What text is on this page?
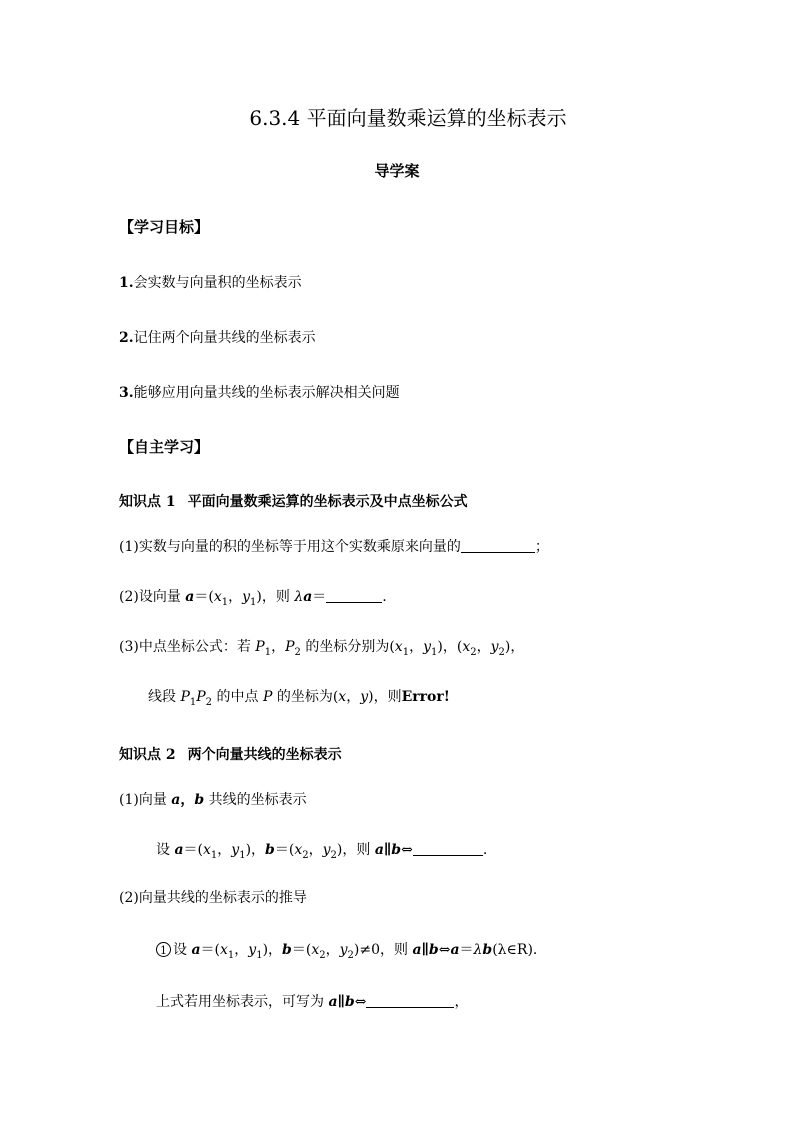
6.3.4 平面向量数乘运算的坐标表示
导学案
【学习目标】
1.会实数与向量积的坐标表示
2.记住两个向量共线的坐标表示
3.能够应用向量共线的坐标表示解决相关问题
【自主学习】
知识点 1 平面向量数乘运算的坐标表示及中点坐标公式
(1)实数与向量的积的坐标等于用这个实数乘原来向量的	；
(2)设向量 $a=(x_1$，$y_1$)，则 λa＝	.
(3)中点坐标公式：若 $P_1$，$P_2$ 的坐标分别为($x_1$，$y_1$)，($x_2$，$y_2$)，
线段 $P_1P_2$ 的中点 P 的坐标为(x，y)，则Error!
知识点 2 两个向量共线的坐标表示
(1)向量 a，b 共线的坐标表示
设 $a=(x_1$，$y_1$)，$b=(x_2$，$y_2$)，则 a∥b⇔	.
(2)向量共线的坐标表示的推导
1 设 $a=(x_1$，$y_1$)，$b=(x_2$，$y_2)\ne 0$，则 a∥b⇔a＝λb(λ∈R).
上式若用坐标表示，可写为 a∥b⇔	，
